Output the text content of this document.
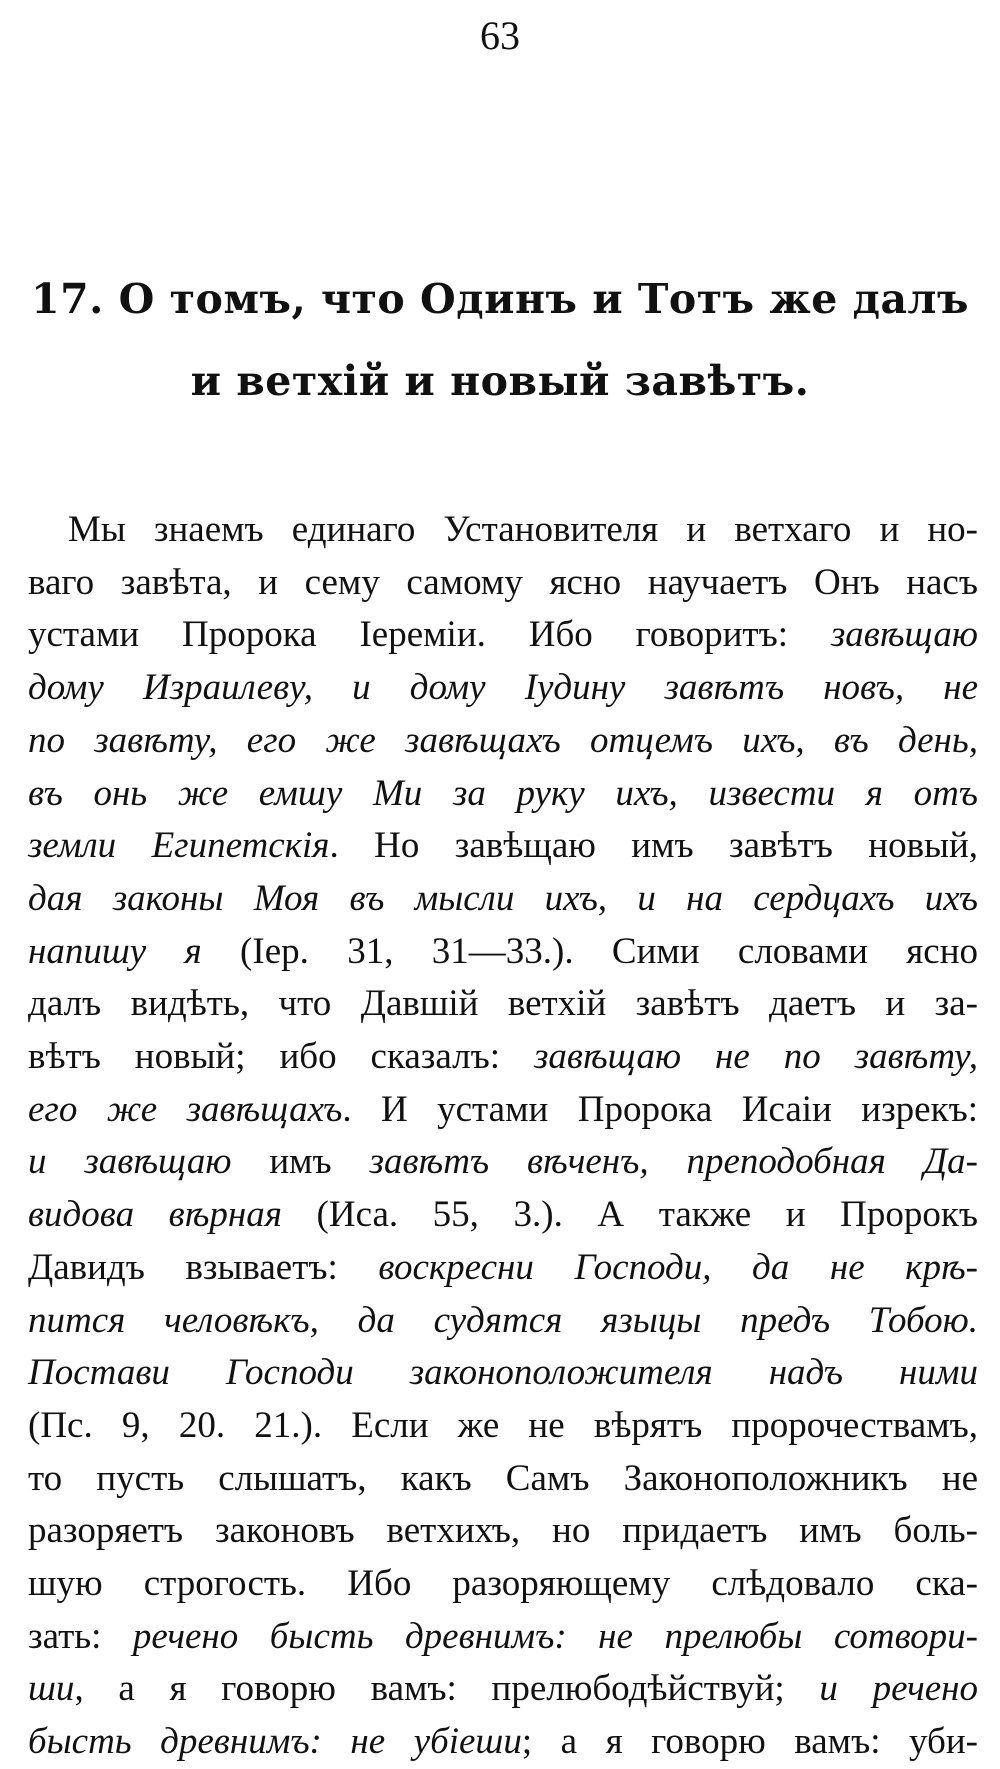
63
17. О томъ, что Одинъ и Тотъ же далъ
и ветхій и новый завѣтъ.
Мы знаемъ единаго Установителя и ветхаго и но-
ваго завѣта, и сему самому ясно научаетъ Онъ насъ
устами Пророка Іереміи. Ибо говоритъ: завѣщаю
дому Израилеву, и дому Іудину завѣтъ новъ, не
по завѣту, его же завѣщахъ отцемъ ихъ, въ день,
въ онь же емшу Ми за руку ихъ, извести я отъ
земли Египетскія. Но завѣщаю имъ завѣтъ новый,
дая законы Моя въ мысли ихъ, и на сердцахъ ихъ
напишу я (Іер. 31, 31—33.). Сими словами ясно
далъ видѣть, что Давшій ветхій завѣтъ даетъ и за-
вѣтъ новый; ибо сказалъ: завѣщаю не по завѣту,
его же завѣщахъ. И устами Пророка Исаіи изрекъ:
и завѣщаю имъ завѣтъ вѣченъ, преподобная Да-
видова вѣрная (Иса. 55, 3.). А также и Пророкъ
Давидъ взываетъ: воскресни Господи, да не крѣ-
пится человѣкъ, да судятся языцы предъ Тобою.
Постави Господи законоположителя надъ ними
(Пс. 9, 20. 21.). Если же не вѣрятъ пророчествамъ,
то пусть слышатъ, какъ Самъ Законоположникъ не
разоряетъ законовъ ветхихъ, но придаетъ имъ боль-
шую строгость. Ибо разоряющему слѣдовало ска-
зать: речено бысть древнимъ: не прелюбы сотвори-
ши, а я говорю вамъ: прелюбодѣйствуй; и речено
бысть древнимъ: не убіеши; а я говорю вамъ: уби-
